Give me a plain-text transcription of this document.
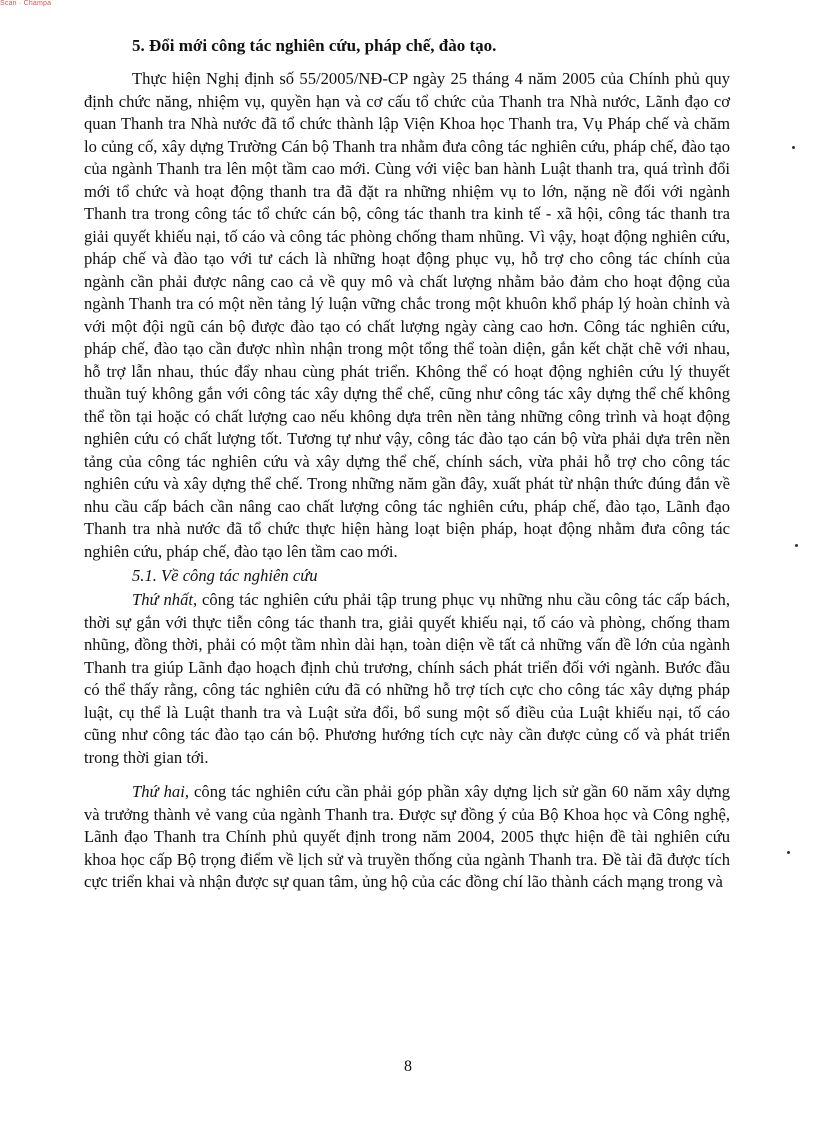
Scan · Champa
5. Đổi mới công tác nghiên cứu, pháp chế, đào tạo.

Thực hiện Nghị định số 55/2005/NĐ-CP ngày 25 tháng 4 năm 2005 của Chính phủ quy định chức năng, nhiệm vụ, quyền hạn và cơ cấu tổ chức của Thanh tra Nhà nước, Lãnh đạo cơ quan Thanh tra Nhà nước đã tổ chức thành lập Viện Khoa học Thanh tra, Vụ Pháp chế và chăm lo củng cố, xây dựng Trường Cán bộ Thanh tra nhằm đưa công tác nghiên cứu, pháp chế, đào tạo của ngành Thanh tra lên một tầm cao mới. Cùng với việc ban hành Luật thanh tra, quá trình đổi mới tổ chức và hoạt động thanh tra đã đặt ra những nhiệm vụ to lớn, nặng nề đối với ngành Thanh tra trong công tác tổ chức cán bộ, công tác thanh tra kinh tế - xã hội, công tác thanh tra giải quyết khiếu nại, tố cáo và công tác phòng chống tham nhũng. Vì vậy, hoạt động nghiên cứu, pháp chế và đào tạo với tư cách là những hoạt động phục vụ, hỗ trợ cho công tác chính của ngành cần phải được nâng cao cả về quy mô và chất lượng nhằm bảo đảm cho hoạt động của ngành Thanh tra có một nền tảng lý luận vững chắc trong một khuôn khổ pháp lý hoàn chỉnh và với một đội ngũ cán bộ được đào tạo có chất lượng ngày càng cao hơn. Công tác nghiên cứu, pháp chế, đào tạo cần được nhìn nhận trong một tổng thể toàn diện, gắn kết chặt chẽ với nhau, hỗ trợ lẫn nhau, thúc đẩy nhau cùng phát triển. Không thể có hoạt động nghiên cứu lý thuyết thuần tuý không gắn với công tác xây dựng thể chế, cũng như công tác xây dựng thể chế không thể tồn tại hoặc có chất lượng cao nếu không dựa trên nền tảng những công trình và hoạt động nghiên cứu có chất lượng tốt. Tương tự như vậy, công tác đào tạo cán bộ vừa phải dựa trên nền tảng của công tác nghiên cứu và xây dựng thể chế, chính sách, vừa phải hỗ trợ cho công tác nghiên cứu và xây dựng thể chế. Trong những năm gần đây, xuất phát từ nhận thức đúng đắn về nhu cầu cấp bách cần nâng cao chất lượng công tác nghiên cứu, pháp chế, đào tạo, Lãnh đạo Thanh tra nhà nước đã tổ chức thực hiện hàng loạt biện pháp, hoạt động nhằm đưa công tác nghiên cứu, pháp chế, đào tạo lên tầm cao mới.

5.1. Về công tác nghiên cứu

Thứ nhất, công tác nghiên cứu phải tập trung phục vụ những nhu cầu công tác cấp bách, thời sự gắn với thực tiễn công tác thanh tra, giải quyết khiếu nại, tố cáo và phòng, chống tham nhũng, đồng thời, phải có một tầm nhìn dài hạn, toàn diện về tất cả những vấn đề lớn của ngành Thanh tra giúp Lãnh đạo hoạch định chủ trương, chính sách phát triển đối với ngành. Bước đầu có thể thấy rằng, công tác nghiên cứu đã có những hỗ trợ tích cực cho công tác xây dựng pháp luật, cụ thể là Luật thanh tra và Luật sửa đổi, bổ sung một số điều của Luật khiếu nại, tố cáo cũng như công tác đào tạo cán bộ. Phương hướng tích cực này cần được củng cố và phát triển trong thời gian tới.

Thứ hai, công tác nghiên cứu cần phải góp phần xây dựng lịch sử gần 60 năm xây dựng và trưởng thành vẻ vang của ngành Thanh tra. Được sự đồng ý của Bộ Khoa học và Công nghệ, Lãnh đạo Thanh tra Chính phủ quyết định trong năm 2004, 2005 thực hiện đề tài nghiên cứu khoa học cấp Bộ trọng điểm về lịch sử và truyền thống của ngành Thanh tra. Đề tài đã được tích cực triển khai và nhận được sự quan tâm, ủng hộ của các đồng chí lão thành cách mạng trong và

8
